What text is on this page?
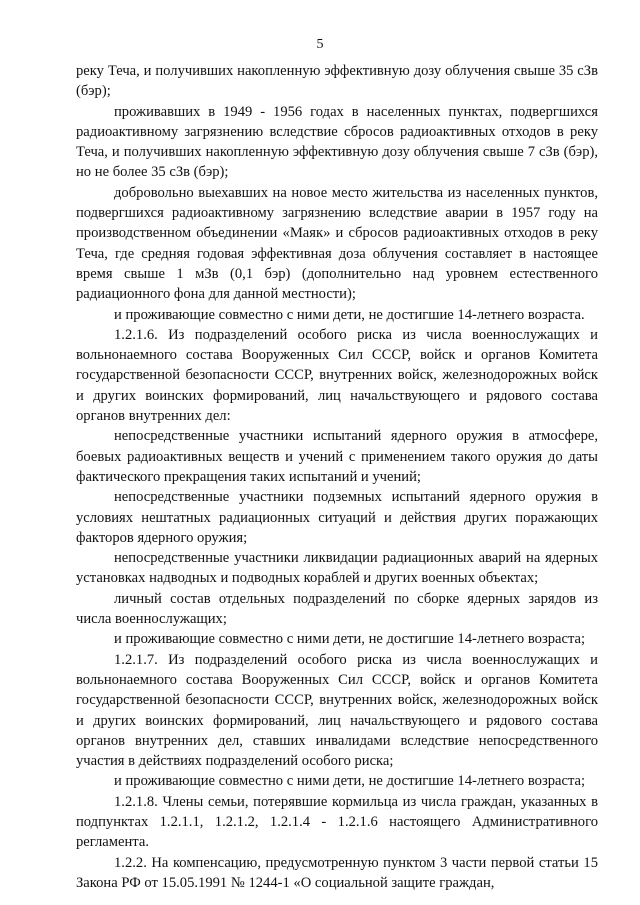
5

реку Теча, и получивших накопленную эффективную дозу облучения свыше 35 сЗв (бэр);

проживавших в 1949 - 1956 годах в населенных пунктах, подвергшихся радиоактивному загрязнению вследствие сбросов радиоактивных отходов в реку Теча, и получивших накопленную эффективную дозу облучения свыше 7 сЗв (бэр), но не более 35 сЗв (бэр);

добровольно выехавших на новое место жительства из населенных пунктов, подвергшихся радиоактивному загрязнению вследствие аварии в 1957 году на производственном объединении «Маяк» и сбросов радиоактивных отходов в реку Теча, где средняя годовая эффективная доза облучения составляет в настоящее время свыше 1 мЗв (0,1 бэр) (дополнительно над уровнем естественного радиационного фона для данной местности);

и проживающие совместно с ними дети, не достигшие 14-летнего возраста.

1.2.1.6. Из подразделений особого риска из числа военнослужащих и вольнонаемного состава Вооруженных Сил СССР, войск и органов Комитета государственной безопасности СССР, внутренних войск, железнодорожных войск и других воинских формирований, лиц начальствующего и рядового состава органов внутренних дел:

непосредственные участники испытаний ядерного оружия в атмосфере, боевых радиоактивных веществ и учений с применением такого оружия до даты фактического прекращения таких испытаний и учений;

непосредственные участники подземных испытаний ядерного оружия в условиях нештатных радиационных ситуаций и действия других поражающих факторов ядерного оружия;

непосредственные участники ликвидации радиационных аварий на ядерных установках надводных и подводных кораблей и других военных объектах;

личный состав отдельных подразделений по сборке ядерных зарядов из числа военнослужащих;

и проживающие совместно с ними дети, не достигшие 14-летнего возраста;

1.2.1.7. Из подразделений особого риска из числа военнослужащих и вольнонаемного состава Вооруженных Сил СССР, войск и органов Комитета государственной безопасности СССР, внутренних войск, железнодорожных войск и других воинских формирований, лиц начальствующего и рядового состава органов внутренних дел, ставших инвалидами вследствие непосредственного участия в действиях подразделений особого риска;

и проживающие совместно с ними дети, не достигшие 14-летнего возраста;

1.2.1.8. Члены семьи, потерявшие кормильца из числа граждан, указанных в подпунктах 1.2.1.1, 1.2.1.2, 1.2.1.4 - 1.2.1.6 настоящего Административного регламента.

1.2.2. На компенсацию, предусмотренную пунктом 3 части первой статьи 15 Закона РФ от 15.05.1991 № 1244-1 «О социальной защите граждан,
